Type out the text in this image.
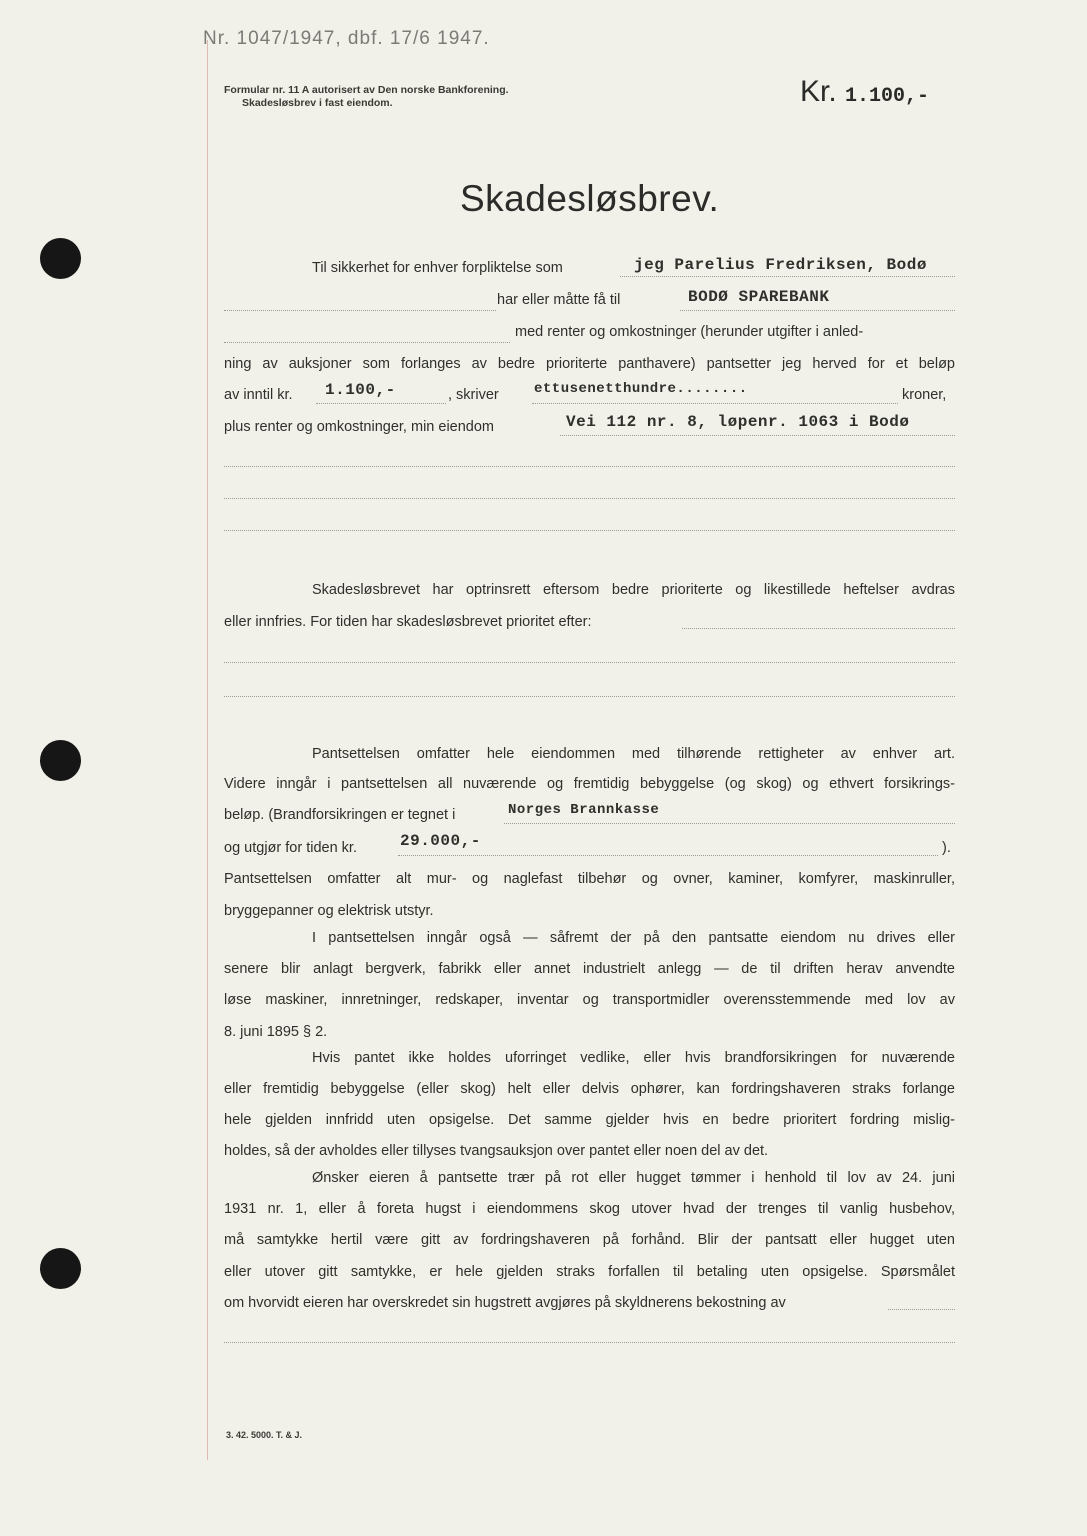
Nr. 1047/1947, dbf. 17/6 1947.
Formular nr. 11 A autorisert av Den norske Bankforening.
Skadesløsbrev i fast eiendom.	Kr. 1.100,-
Skadesløsbrev.
Til sikkerhet for enhver forpliktelse som	jeg Parelius Fredriksen, Bodø
har eller måtte få til	BODØ SPAREBANK
med renter og omkostninger (herunder utgifter i anled-
ning av auksjoner som forlanges av bedre prioriterte panthavere) pantsetter jeg herved for et beløp
av inntil kr. 1.100,-	, skriver	ettusenetthundre........	kroner,
plus renter og omkostninger, min eiendom	Vei 112 nr. 8, løpenr. 1063 i Bodø
Skadesløsbrevet har optrinsrett eftersom bedre prioriterte og likestillede heftelser avdras
eller innfries. For tiden har skadesløsbrevet prioritet efter:
Pantsettelsen omfatter hele eiendommen med tilhørende rettigheter av enhver art.
Videre inngår i pantsettelsen all nuværende og fremtidig bebyggelse (og skog) og ethvert forsikrings-
beløp. (Brandforsikringen er tegnet i	Norges Brannkasse
og utgjør for tiden kr.	29.000,-	).
Pantsettelsen omfatter alt mur- og naglefast tilbehør og ovner, kaminer, komfyrer, maskinruller,
bryggepanner og elektrisk utstyr.
I pantsettelsen inngår også — såfremt der på den pantsatte eiendom nu drives eller
senere blir anlagt bergverk, fabrikk eller annet industrielt anlegg — de til driften herav anvendte
løse maskiner, innretninger, redskaper, inventar og transportmidler overensstemmende med lov av
8. juni 1895 § 2.
Hvis pantet ikke holdes uforringet vedlike, eller hvis brandforsikringen for nuværende
eller fremtidig bebyggelse (eller skog) helt eller delvis ophører, kan fordringshaveren straks forlange
hele gjelden innfridd uten opsigelse. Det samme gjelder hvis en bedre prioritert fordring mislig-
holdes, så der avholdes eller tillyses tvangsauksjon over pantet eller noen del av det.
Ønsker eieren å pantsette trær på rot eller hugget tømmer i henhold til lov av 24. juni
1931 nr. 1, eller å foreta hugst i eiendommens skog utover hvad der trenges til vanlig husbehov,
må samtykke hertil være gitt av fordringshaveren på forhånd. Blir der pantsatt eller hugget uten
eller utover gitt samtykke, er hele gjelden straks forfallen til betaling uten opsigelse. Spørsmålet
om hvorvidt eieren har overskredet sin hugstrett avgjøres på skyldnerens bekostning av
3. 42. 5000. T. & J.
